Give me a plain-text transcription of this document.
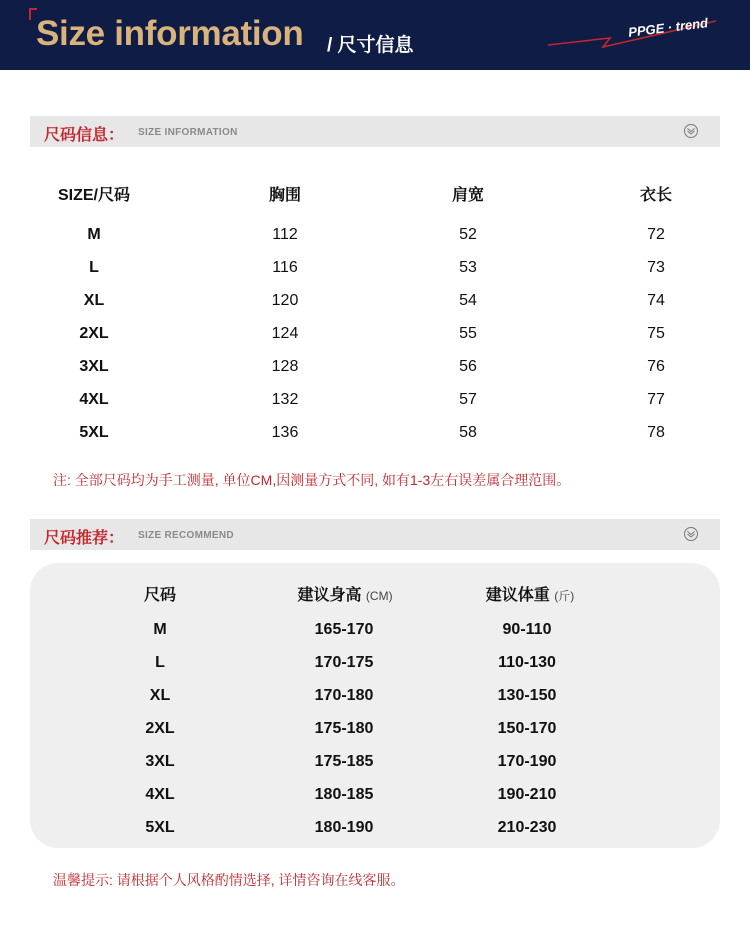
Size information / 尺寸信息
PPGE · trend
尺码信息： SIZE INFORMATION
SIZE/尺码	胸围	肩宽	衣长
M	112	52	72
L	116	53	73
XL	120	54	74
2XL	124	55	75
3XL	128	56	76
4XL	132	57	77
5XL	136	58	78
注: 全部尺码均为手工测量, 单位CM,因测量方式不同, 如有1-3左右误差属合理范围。
尺码推荐： SIZE RECOMMEND
尺码	建议身高 (CM)	建议体重 (斤)
M	165-170	90-110
L	170-175	110-130
XL	170-180	130-150
2XL	175-180	150-170
3XL	175-185	170-190
4XL	180-185	190-210
5XL	180-190	210-230
温馨提示: 请根据个人风格酌情选择, 详情咨询在线客服。
